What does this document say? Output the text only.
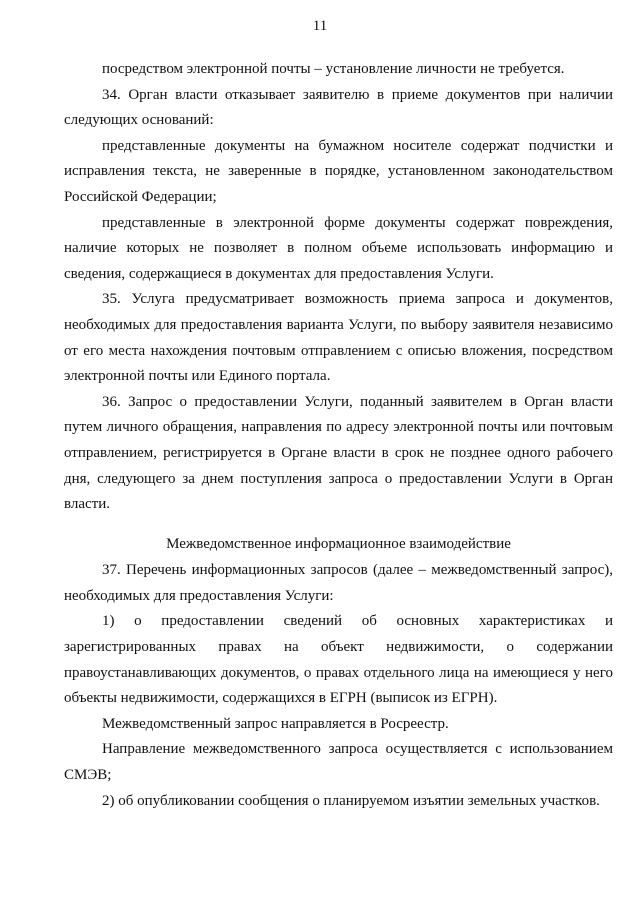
11

посредством электронной почты – установление личности не требуется.

34. Орган власти отказывает заявителю в приеме документов при наличии следующих оснований:

представленные документы на бумажном носителе содержат подчистки и исправления текста, не заверенные в порядке, установленном законодательством Российской Федерации;

представленные в электронной форме документы содержат повреждения, наличие которых не позволяет в полном объеме использовать информацию и сведения, содержащиеся в документах для предоставления Услуги.

35. Услуга предусматривает возможность приема запроса и документов, необходимых для предоставления варианта Услуги, по выбору заявителя независимо от его места нахождения почтовым отправлением с описью вложения, посредством электронной почты или Единого портала.

36. Запрос о предоставлении Услуги, поданный заявителем в Орган власти путем личного обращения, направления по адресу электронной почты или почтовым отправлением, регистрируется в Органе власти в срок не позднее одного рабочего дня, следующего за днем поступления запроса о предоставлении Услуги в Орган власти.

Межведомственное информационное взаимодействие

37. Перечень информационных запросов (далее – межведомственный запрос), необходимых для предоставления Услуги:

1) о предоставлении сведений об основных характеристиках и зарегистрированных правах на объект недвижимости, о содержании правоустанавливающих документов, о правах отдельного лица на имеющиеся у него объекты недвижимости, содержащихся в ЕГРН (выписок из ЕГРН).

Межведомственный запрос направляется в Росреестр.

Направление межведомственного запроса осуществляется с использованием СМЭВ;

2) об опубликовании сообщения о планируемом изъятии земельных участков.
